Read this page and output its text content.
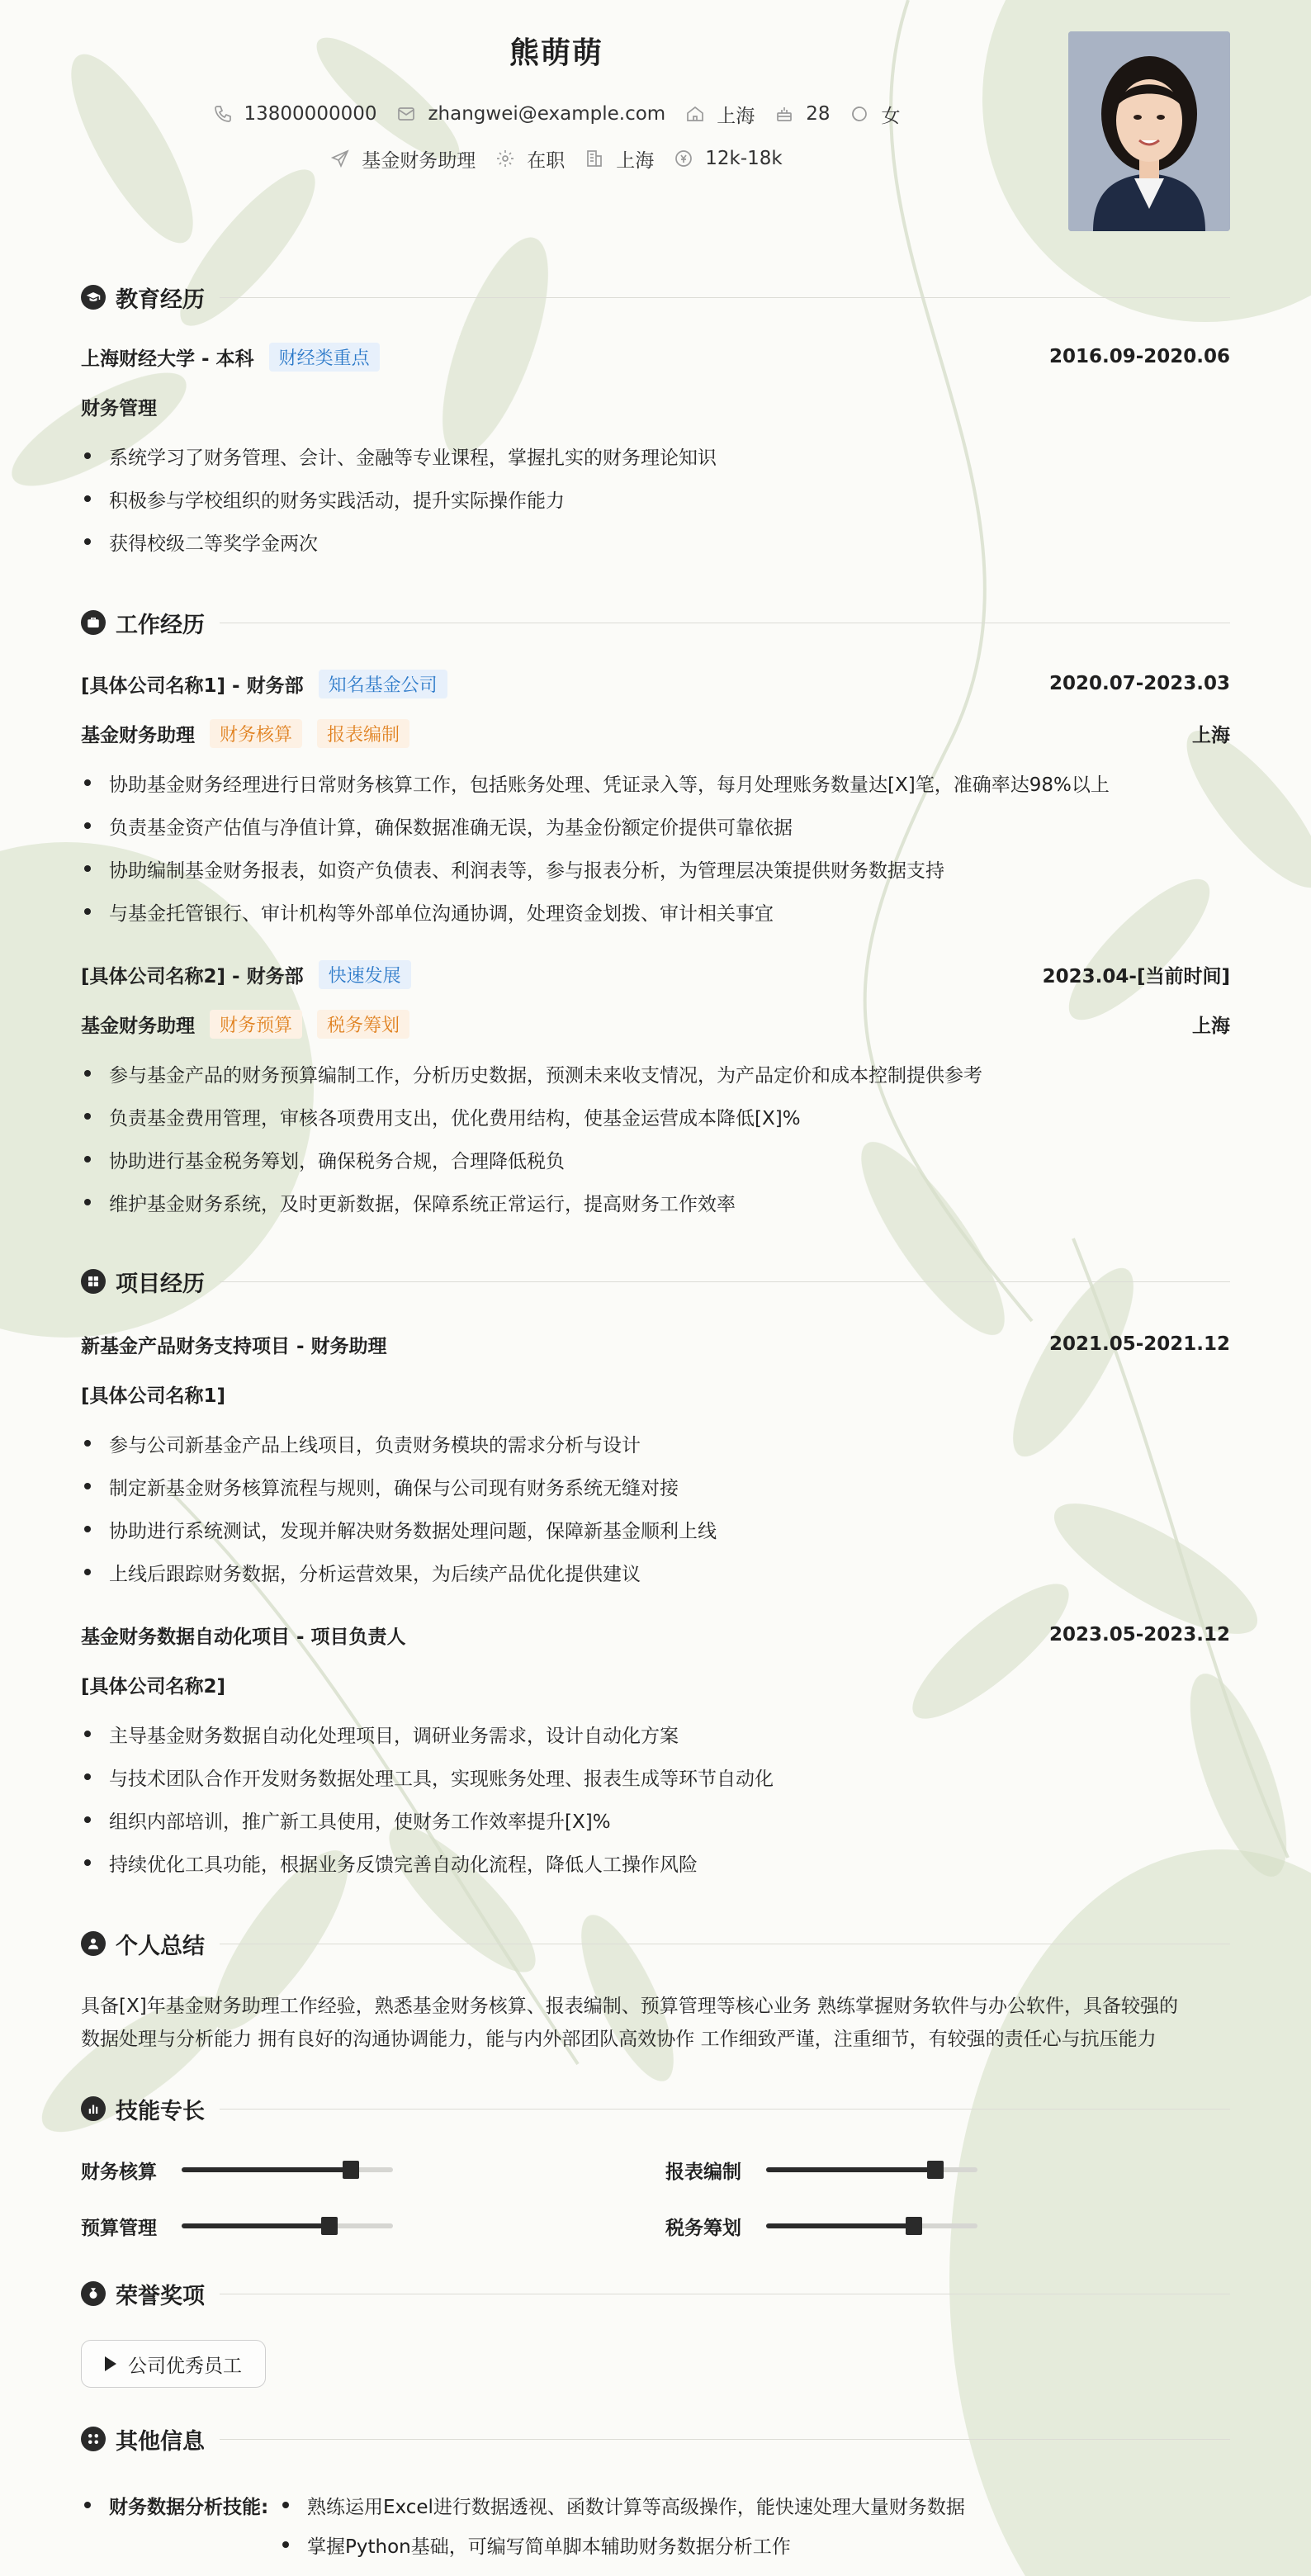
熊萌萌
13800000000	zhangwei@example.com	上海	28	女
基金财务助理	在职	上海	12k-18k
教育经历
上海财经大学 - 本科	财经类重点	2016.09-2020.06
财务管理
系统学习了财务管理、会计、金融等专业课程，掌握扎实的财务理论知识
积极参与学校组织的财务实践活动，提升实际操作能力
获得校级二等奖学金两次
工作经历
[具体公司名称1] - 财务部	知名基金公司	2020.07-2023.03
基金财务助理	财务核算	报表编制	上海
协助基金财务经理进行日常财务核算工作，包括账务处理、凭证录入等，每月处理账务数量达[X]笔，准确率达98%以上
负责基金资产估值与净值计算，确保数据准确无误，为基金份额定价提供可靠依据
协助编制基金财务报表，如资产负债表、利润表等，参与报表分析，为管理层决策提供财务数据支持
与基金托管银行、审计机构等外部单位沟通协调，处理资金划拨、审计相关事宜
[具体公司名称2] - 财务部	快速发展	2023.04-[当前时间]
基金财务助理	财务预算	税务筹划	上海
参与基金产品的财务预算编制工作，分析历史数据，预测未来收支情况，为产品定价和成本控制提供参考
负责基金费用管理，审核各项费用支出，优化费用结构，使基金运营成本降低[X]%
协助进行基金税务筹划，确保税务合规，合理降低税负
维护基金财务系统，及时更新数据，保障系统正常运行，提高财务工作效率
项目经历
新基金产品财务支持项目 - 财务助理	2021.05-2021.12
[具体公司名称1]
参与公司新基金产品上线项目，负责财务模块的需求分析与设计
制定新基金财务核算流程与规则，确保与公司现有财务系统无缝对接
协助进行系统测试，发现并解决财务数据处理问题，保障新基金顺利上线
上线后跟踪财务数据，分析运营效果，为后续产品优化提供建议
基金财务数据自动化项目 - 项目负责人	2023.05-2023.12
[具体公司名称2]
主导基金财务数据自动化处理项目，调研业务需求，设计自动化方案
与技术团队合作开发财务数据处理工具，实现账务处理、报表生成等环节自动化
组织内部培训，推广新工具使用，使财务工作效率提升[X]%
持续优化工具功能，根据业务反馈完善自动化流程，降低人工操作风险
个人总结
具备[X]年基金财务助理工作经验，熟悉基金财务核算、报表编制、预算管理等核心业务 熟练掌握财务软件与办公软件，具备较强的
数据处理与分析能力 拥有良好的沟通协调能力，能与内外部团队高效协作 工作细致严谨，注重细节，有较强的责任心与抗压能力
技能专长
财务核算	报表编制
预算管理	税务筹划
荣誉奖项
公司优秀员工
其他信息
财务数据分析技能: 熟练运用Excel进行数据透视、函数计算等高级操作，能快速处理大量财务数据
掌握Python基础，可编写简单脚本辅助财务数据分析工作
